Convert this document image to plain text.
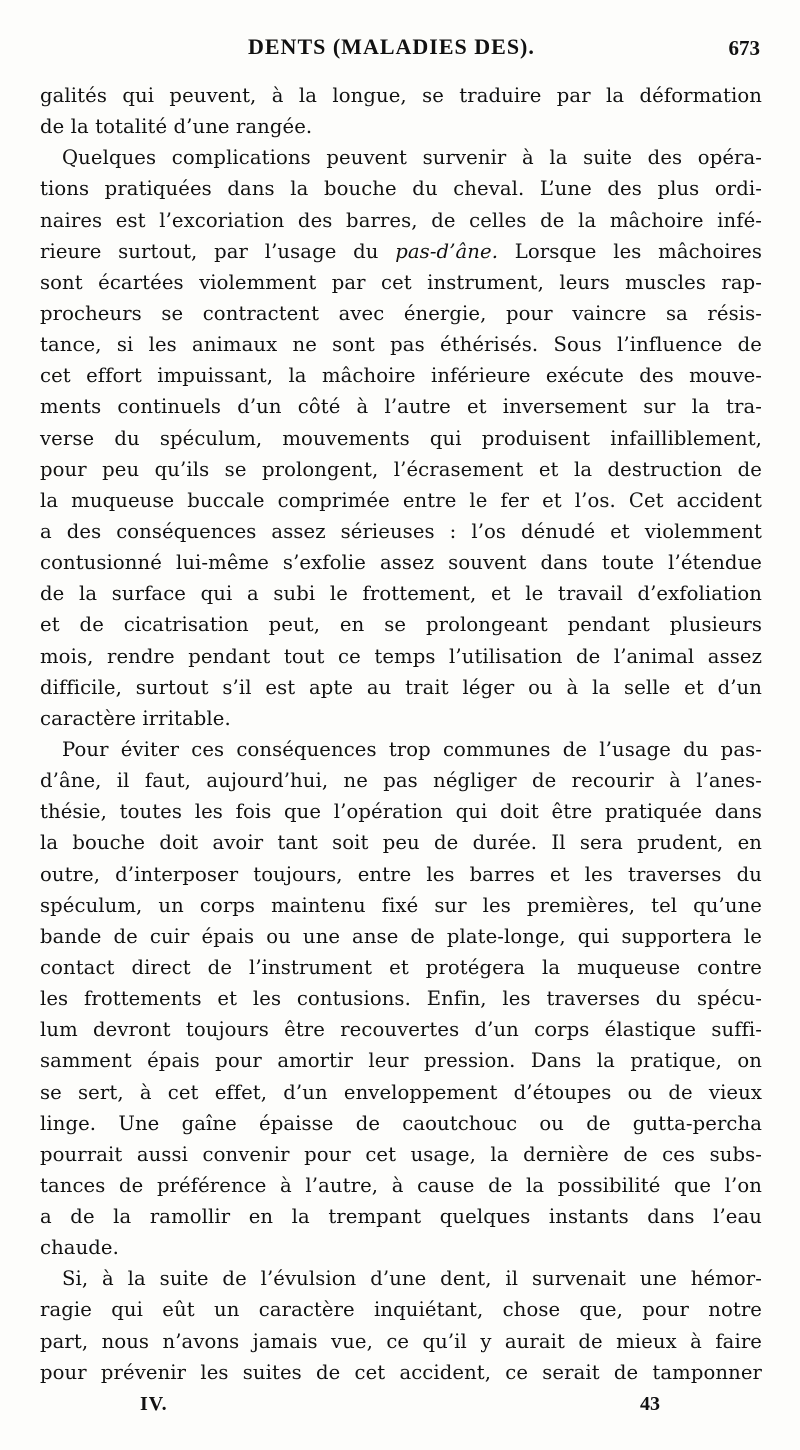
DENTS (MALADIES DES).	673
galités qui peuvent, à la longue, se traduire par la déformation
de la totalité d’une rangée.
Quelques complications peuvent survenir à la suite des opéra-
tions pratiquées dans la bouche du cheval. L’une des plus ordi-
naires est l’excoriation des barres, de celles de la mâchoire infé-
rieure surtout, par l’usage du pas-d’âne. Lorsque les mâchoires
sont écartées violemment par cet instrument, leurs muscles rap-
procheurs se contractent avec énergie, pour vaincre sa résis-
tance, si les animaux ne sont pas éthérisés. Sous l’influence de
cet effort impuissant, la mâchoire inférieure exécute des mouve-
ments continuels d’un côté à l’autre et inversement sur la tra-
verse du spéculum, mouvements qui produisent infailliblement,
pour peu qu’ils se prolongent, l’écrasement et la destruction de
la muqueuse buccale comprimée entre le fer et l’os. Cet accident
a des conséquences assez sérieuses : l’os dénudé et violemment
contusionné lui-même s’exfolie assez souvent dans toute l’étendue
de la surface qui a subi le frottement, et le travail d’exfoliation
et de cicatrisation peut, en se prolongeant pendant plusieurs
mois, rendre pendant tout ce temps l’utilisation de l’animal assez
difficile, surtout s’il est apte au trait léger ou à la selle et d’un
caractère irritable.
Pour éviter ces conséquences trop communes de l’usage du pas-
d’âne, il faut, aujourd’hui, ne pas négliger de recourir à l’anes-
thésie, toutes les fois que l’opération qui doit être pratiquée dans
la bouche doit avoir tant soit peu de durée. Il sera prudent, en
outre, d’interposer toujours, entre les barres et les traverses du
spéculum, un corps maintenu fixé sur les premières, tel qu’une
bande de cuir épais ou une anse de plate-longe, qui supportera le
contact direct de l’instrument et protégera la muqueuse contre
les frottements et les contusions. Enfin, les traverses du spécu-
lum devront toujours être recouvertes d’un corps élastique suffi-
samment épais pour amortir leur pression. Dans la pratique, on
se sert, à cet effet, d’un enveloppement d’étoupes ou de vieux
linge. Une gaîne épaisse de caoutchouc ou de gutta-percha
pourrait aussi convenir pour cet usage, la dernière de ces subs-
tances de préférence à l’autre, à cause de la possibilité que l’on
a de la ramollir en la trempant quelques instants dans l’eau
chaude.
Si, à la suite de l’évulsion d’une dent, il survenait une hémor-
ragie qui eût un caractère inquiétant, chose que, pour notre
part, nous n’avons jamais vue, ce qu’il y aurait de mieux à faire
pour prévenir les suites de cet accident, ce serait de tamponner
IV.	43
